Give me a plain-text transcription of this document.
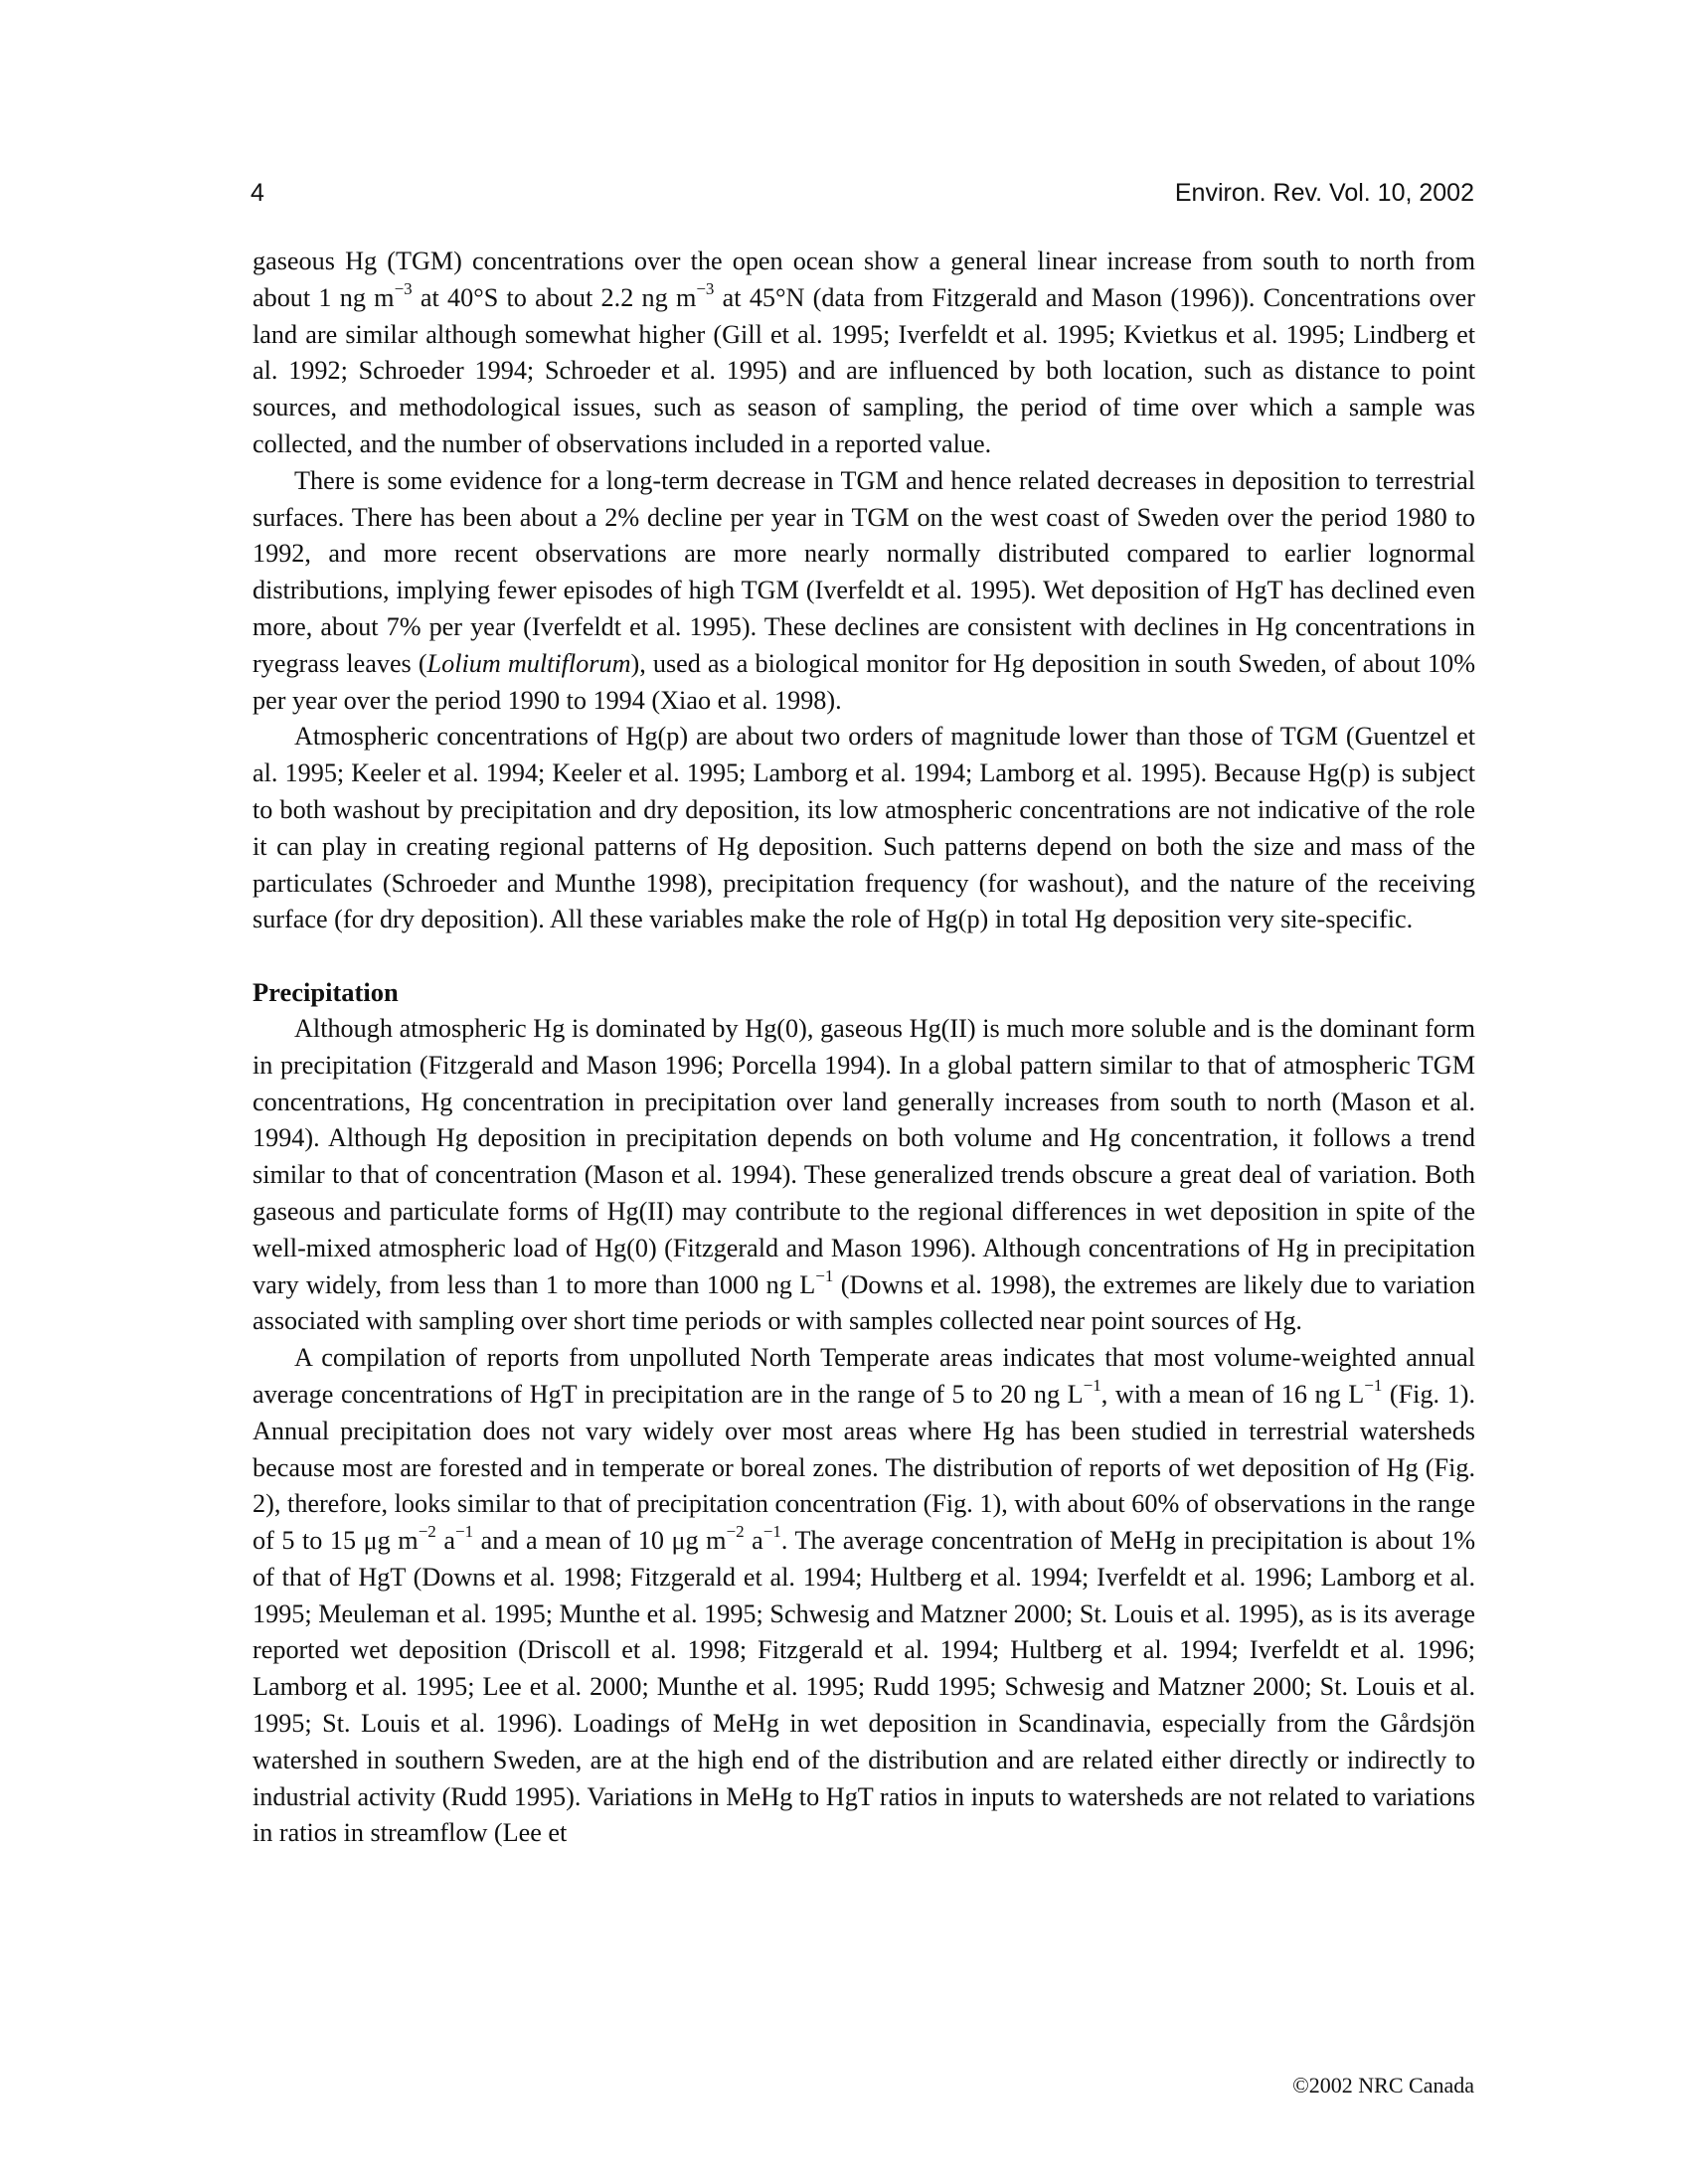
4	Environ. Rev. Vol. 10, 2002

gaseous Hg (TGM) concentrations over the open ocean show a general linear increase from south to north from about 1 ng $m^{-3}$ at 40°S to about 2.2 ng $m^{-3}$ at 45°N (data from Fitzgerald and Mason (1996)). Concentrations over land are similar although somewhat higher (Gill et al. 1995; Iverfeldt et al. 1995; Kvietkus et al. 1995; Lindberg et al. 1992; Schroeder 1994; Schroeder et al. 1995) and are influenced by both location, such as distance to point sources, and methodological issues, such as season of sampling, the period of time over which a sample was collected, and the number of observations included in a reported value.

There is some evidence for a long-term decrease in TGM and hence related decreases in deposition to terrestrial surfaces. There has been about a 2% decline per year in TGM on the west coast of Sweden over the period 1980 to 1992, and more recent observations are more nearly normally distributed compared to earlier lognormal distributions, implying fewer episodes of high TGM (Iverfeldt et al. 1995). Wet deposition of HgT has declined even more, about 7% per year (Iverfeldt et al. 1995). These declines are consistent with declines in Hg concentrations in ryegrass leaves (Lolium multiflorum), used as a biological monitor for Hg deposition in south Sweden, of about 10% per year over the period 1990 to 1994 (Xiao et al. 1998).

Atmospheric concentrations of Hg(p) are about two orders of magnitude lower than those of TGM (Guentzel et al. 1995; Keeler et al. 1994; Keeler et al. 1995; Lamborg et al. 1994; Lamborg et al. 1995). Because Hg(p) is subject to both washout by precipitation and dry deposition, its low atmospheric concentrations are not indicative of the role it can play in creating regional patterns of Hg deposition. Such patterns depend on both the size and mass of the particulates (Schroeder and Munthe 1998), precipitation frequency (for washout), and the nature of the receiving surface (for dry deposition). All these variables make the role of Hg(p) in total Hg deposition very site-specific.

Precipitation

Although atmospheric Hg is dominated by Hg(0), gaseous Hg(II) is much more soluble and is the dominant form in precipitation (Fitzgerald and Mason 1996; Porcella 1994). In a global pattern similar to that of atmospheric TGM concentrations, Hg concentration in precipitation over land generally increases from south to north (Mason et al. 1994). Although Hg deposition in precipitation depends on both volume and Hg concentration, it follows a trend similar to that of concentration (Mason et al. 1994). These generalized trends obscure a great deal of variation. Both gaseous and particulate forms of Hg(II) may contribute to the regional differences in wet deposition in spite of the well-mixed atmospheric load of Hg(0) (Fitzgerald and Mason 1996). Although concentrations of Hg in precipitation vary widely, from less than 1 to more than 1000 ng $L^{-1}$ (Downs et al. 1998), the extremes are likely due to variation associated with sampling over short time periods or with samples collected near point sources of Hg.

A compilation of reports from unpolluted North Temperate areas indicates that most volume-weighted annual average concentrations of HgT in precipitation are in the range of 5 to 20 ng $L^{-1}$, with a mean of 16 ng $L^{-1}$ (Fig. 1). Annual precipitation does not vary widely over most areas where Hg has been studied in terrestrial watersheds because most are forested and in temperate or boreal zones. The distribution of reports of wet deposition of Hg (Fig. 2), therefore, looks similar to that of precipitation concentration (Fig. 1), with about 60% of observations in the range of 5 to 15 μg $m^{-2}$ $a^{-1}$ and a mean of 10 μg $m^{-2}$ $a^{-1}$. The average concentration of MeHg in precipitation is about 1% of that of HgT (Downs et al. 1998; Fitzgerald et al. 1994; Hultberg et al. 1994; Iverfeldt et al. 1996; Lamborg et al. 1995; Meuleman et al. 1995; Munthe et al. 1995; Schwesig and Matzner 2000; St. Louis et al. 1995), as is its average reported wet deposition (Driscoll et al. 1998; Fitzgerald et al. 1994; Hultberg et al. 1994; Iverfeldt et al. 1996; Lamborg et al. 1995; Lee et al. 2000; Munthe et al. 1995; Rudd 1995; Schwesig and Matzner 2000; St. Louis et al. 1995; St. Louis et al. 1996). Loadings of MeHg in wet deposition in Scandinavia, especially from the Gårdsjön watershed in southern Sweden, are at the high end of the distribution and are related either directly or indirectly to industrial activity (Rudd 1995). Variations in MeHg to HgT ratios in inputs to watersheds are not related to variations in ratios in streamflow (Lee et

©2002 NRC Canada
